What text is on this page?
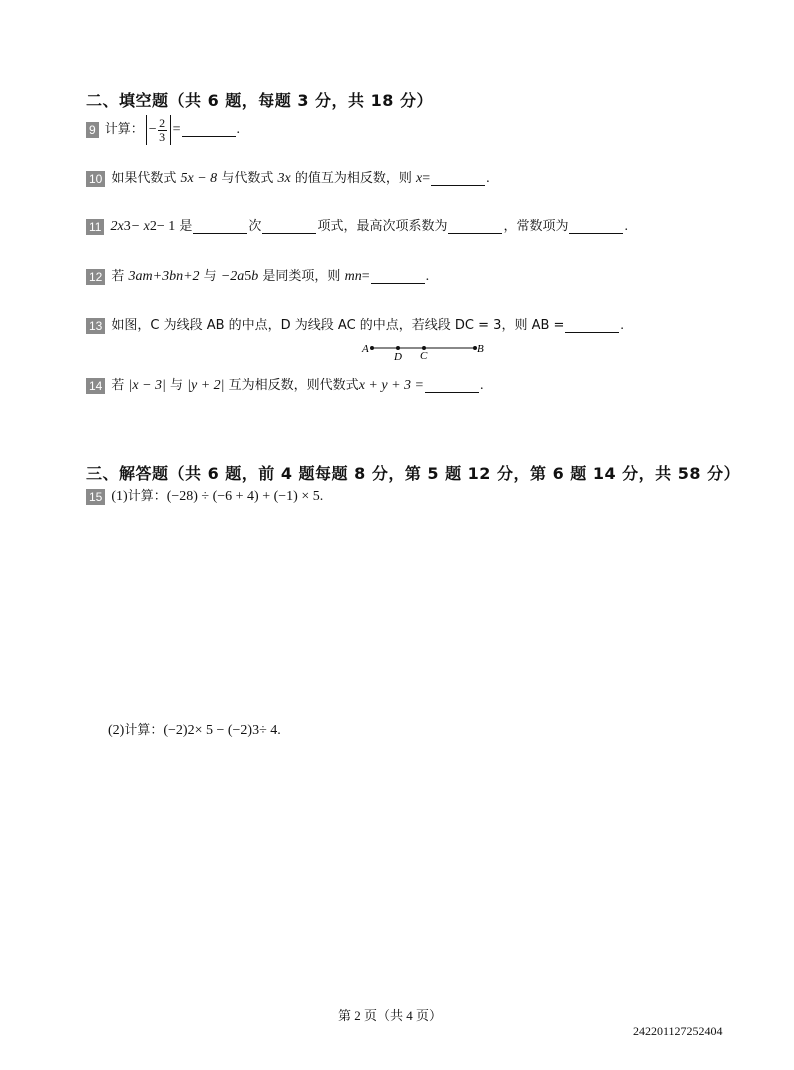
二、填空题（共 6 题，每题 3 分，共 18 分）
9 计算： − $\frac{2}{3}$ =	.
10 如果代数式
5x − 8
与代数式
3x
的值互为相反数，则
x =	.
11 2x 3 − x 2 − 1
是	次	项式，最高次项系数为	，常数项为	.
12 若
3a m+3 b n+2
与
−2a 5 b
是同类项，则
mn =	.
13 如图，C 为线段 AB 的中点，D 为线段 AC 的中点，若线段 DC = 3，则 AB =	.
A
D C
B
14 若
|x − 3|
与
|y + 2|
互为相反数，则代数式 x + y + 3 =	.
三、解答题（共 6 题，前 4 题每题 8 分，第 5 题 12 分，第 6 题 14 分，共 58 分）
15 (1) 计算： (−28) ÷ (−6 + 4) + (−1) × 5.
(2) 计算： (−2) 2 × 5 − (−2) 3 ÷ 4.
第 2 页（共 4 页）
242201127252404
